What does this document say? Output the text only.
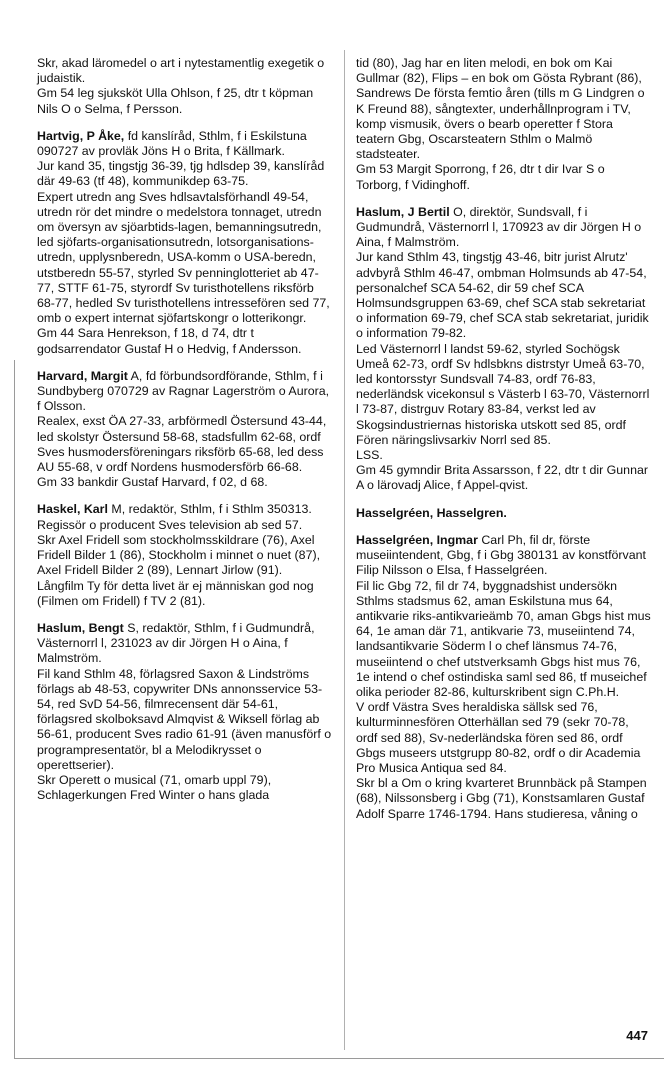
Skr, akad läromedel o art i nytestamentlig exegetik o judaistik.

Gm 54 leg sjuksköt Ulla Ohlson, f 25, dtr t köpman Nils O o Selma, f Persson.

Hartvig, P Åke, fd kanslíråd, Sthlm, f i Eskilstuna 090727 av provläk Jöns H o Brita, f Källmark.

Jur kand 35, tingstjg 36-39, tjg hdlsdep 39, kanslíråd där 49-63 (tf 48), kommunikdep 63-75.

Expert utredn ang Sves hdlsavtalsförhandl 49-54, utredn rör det mindre o medelstora tonnaget, utredn om översyn av sjöarbtids-lagen, bemanningsutredn, led sjöfarts-organisationsutredn, lotsorganisations-utredn, upplysnberedn, USA-komm o USA-beredn, utstberedn 55-57, styrled Sv penninglotteriet ab 47-77, STTF 61-75, styrordf Sv turisthotellens riksförb 68-77, hedled Sv turisthotellens intressefören sed 77, omb o expert internat sjöfartskongr o lotterikongr.

Gm 44 Sara Henrekson, f 18, d 74, dtr t godsarrendator Gustaf H o Hedvig, f Andersson.

Harvard, Margit A, fd förbundsordförande, Sthlm, f i Sundbyberg 070729 av Ragnar Lagerström o Aurora, f Olsson.

Realex, exst ÖA 27-33, arbförmedl Östersund 43-44, led skolstyr Östersund 58-68, stadsfullm 62-68, ordf Sves husmodersföreningars riksförb 65-68, led dess AU 55-68, v ordf Nordens husmodersförb 66-68.

Gm 33 bankdir Gustaf Harvard, f 02, d 68.

Haskel, Karl M, redaktör, Sthlm, f i Sthlm 350313.

Regissör o producent Sves television ab sed 57.

Skr Axel Fridell som stockholmsskildrare (76), Axel Fridell Bilder 1 (86), Stockholm i minnet o nuet (87), Axel Fridell Bilder 2 (89), Lennart Jirlow (91).

Långfilm Ty för detta livet är ej människan god nog (Filmen om Fridell) f TV 2 (81).

Haslum, Bengt S, redaktör, Sthlm, f i Gudmundrå, Västernorrl l, 231023 av dir Jörgen H o Aina, f Malmström.

Fil kand Sthlm 48, förlagsred Saxon & Lindströms förlags ab 48-53, copywriter DNs annonsservice 53-54, red SvD 54-56, filmrecensent där 54-61, förlagsred skolboksavd Almqvist & Wiksell förlag ab 56-61, producent Sves radio 61-91 (även manusförf o programpresentatör, bl a Melodikrysset o operettserier).

Skr Operett o musical (71, omarb uppl 79), Schlagerkungen Fred Winter o hans glada

tid (80), Jag har en liten melodi, en bok om Kai Gullmar (82), Flips – en bok om Gösta Rybrant (86), Sandrews De första femtio åren (tills m G Lindgren o K Freund 88), sångtexter, underhållnprogram i TV, komp vismusik, övers o bearb operetter f Stora teatern Gbg, Oscarsteatern Sthlm o Malmö stadsteater.

Gm 53 Margit Sporrong, f 26, dtr t dir Ivar S o Torborg, f Vidinghoff.

Haslum, J Bertil O, direktör, Sundsvall, f i Gudmundrå, Västernorrl l, 170923 av dir Jörgen H o Aina, f Malmström.

Jur kand Sthlm 43, tingstjg 43-46, bitr jurist Alrutz' advbyrå Sthlm 46-47, ombman Holmsunds ab 47-54, personalchef SCA 54-62, dir 59 chef SCA Holmsundsgruppen 63-69, chef SCA stab sekretariat o information 69-79, chef SCA stab sekretariat, juridik o information 79-82.

Led Västernorrl l landst 59-62, styrled Sochögsk Umeå 62-73, ordf Sv hdlsbkns distrstyr Umeå 63-70, led kontorsstyr Sundsvall 74-83, ordf 76-83, nederländsk vicekonsul s Västerb l 63-70, Västernorrl l 73-87, distrguv Rotary 83-84, verkst led av Skogsindustriernas historiska utskott sed 85, ordf Fören näringslivsarkiv Norrl sed 85.

LSS.

Gm 45 gymndir Brita Assarsson, f 22, dtr t dir Gunnar A o lärovadj Alice, f Appel-qvist.

Hasselgréen, Hasselgren.

Hasselgréen, Ingmar Carl Ph, fil dr, förste museiintendent, Gbg, f i Gbg 380131 av konstförvant Filip Nilsson o Elsa, f Hasselgréen.

Fil lic Gbg 72, fil dr 74, byggnadshist undersökn Sthlms stadsmus 62, aman Eskilstuna mus 64, antikvarie riks-antikvarieämb 70, aman Gbgs hist mus 64, 1e aman där 71, antikvarie 73, museiintend 74, landsantikvarie Söderm l o chef länsmus 74-76, museiintend o chef utstverksamh Gbgs hist mus 76, 1e intend o chef ostindiska saml sed 86, tf museichef olika perioder 82-86, kulturskribent sign C.Ph.H.

V ordf Västra Sves heraldiska sällsk sed 76, kulturminnesfören Otterhällan sed 79 (sekr 70-78, ordf sed 88), Sv-nederländska fören sed 86, ordf Gbgs museers utstgrupp 80-82, ordf o dir Academia Pro Musica Antiqua sed 84.

Skr bl a Om o kring kvarteret Brunnbäck på Stampen (68), Nilssonsberg i Gbg (71), Konstsamlaren Gustaf Adolf Sparre 1746-1794. Hans studieresa, våning o

447
